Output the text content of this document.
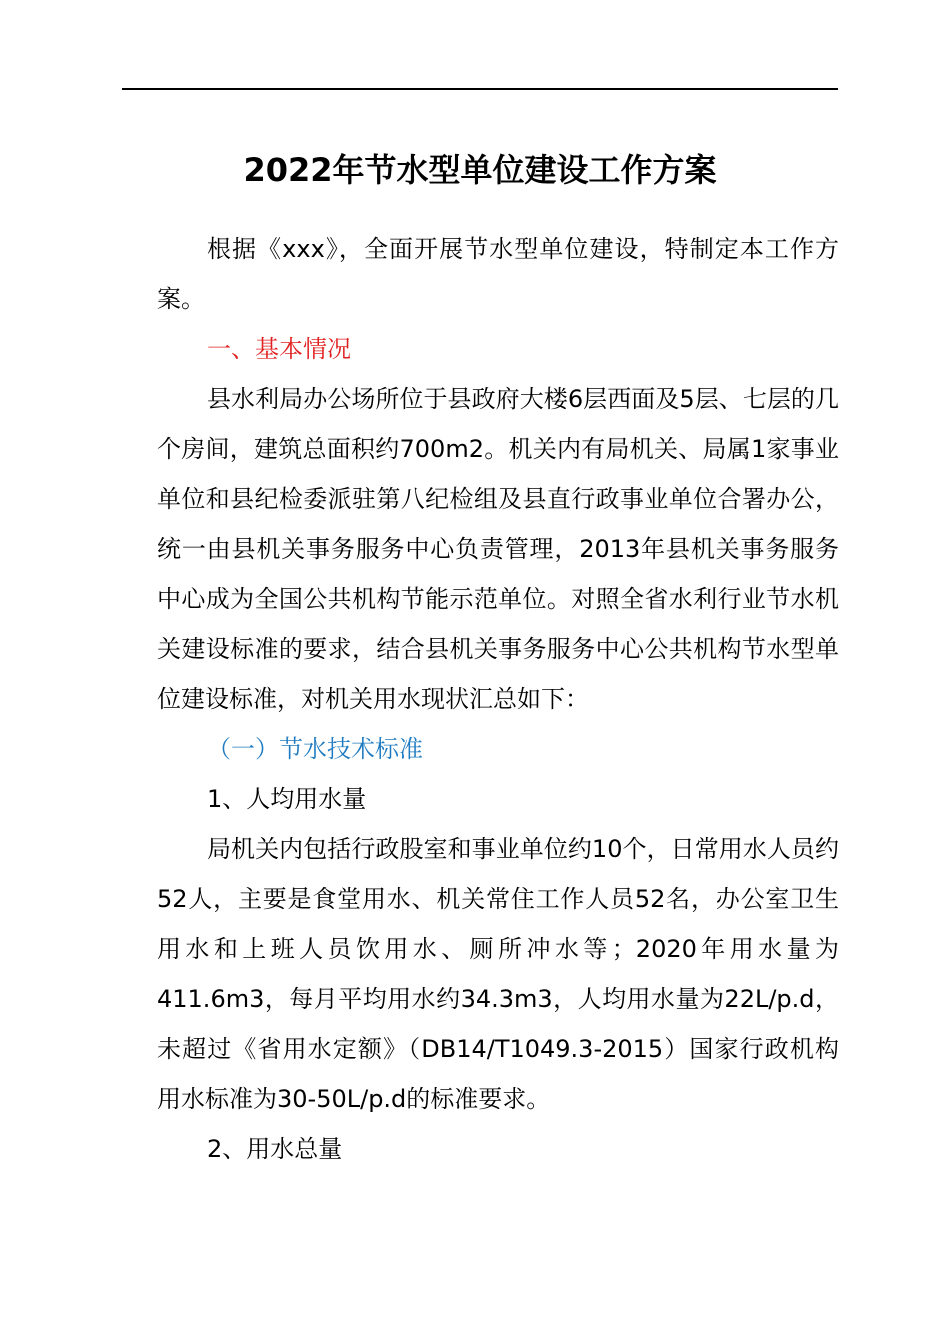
2022年节水型单位建设工作方案

根据《xxx》，全面开展节水型单位建设，特制定本工作方案。

一、基本情况

县水利局办公场所位于县政府大楼6层西面及5层、七层的几个房间，建筑总面积约700m2。机关内有局机关、局属1家事业单位和县纪检委派驻第八纪检组及县直行政事业单位合署办公，统一由县机关事务服务中心负责管理，2013年县机关事务服务中心成为全国公共机构节能示范单位。对照全省水利行业节水机关建设标准的要求，结合县机关事务服务中心公共机构节水型单位建设标准，对机关用水现状汇总如下：

（一）节水技术标准

1、人均用水量

局机关内包括行政股室和事业单位约10个，日常用水人员约52人，主要是食堂用水、机关常住工作人员52名，办公室卫生用水和上班人员饮用水、厕所冲水等；2020年用水量为411.6m3，每月平均用水约34.3m3，人均用水量为22L/p.d，未超过《省用水定额》（DB14/T1049.3-2015）国家行政机构用水标准为30-50L/p.d的标准要求。

2、用水总量
